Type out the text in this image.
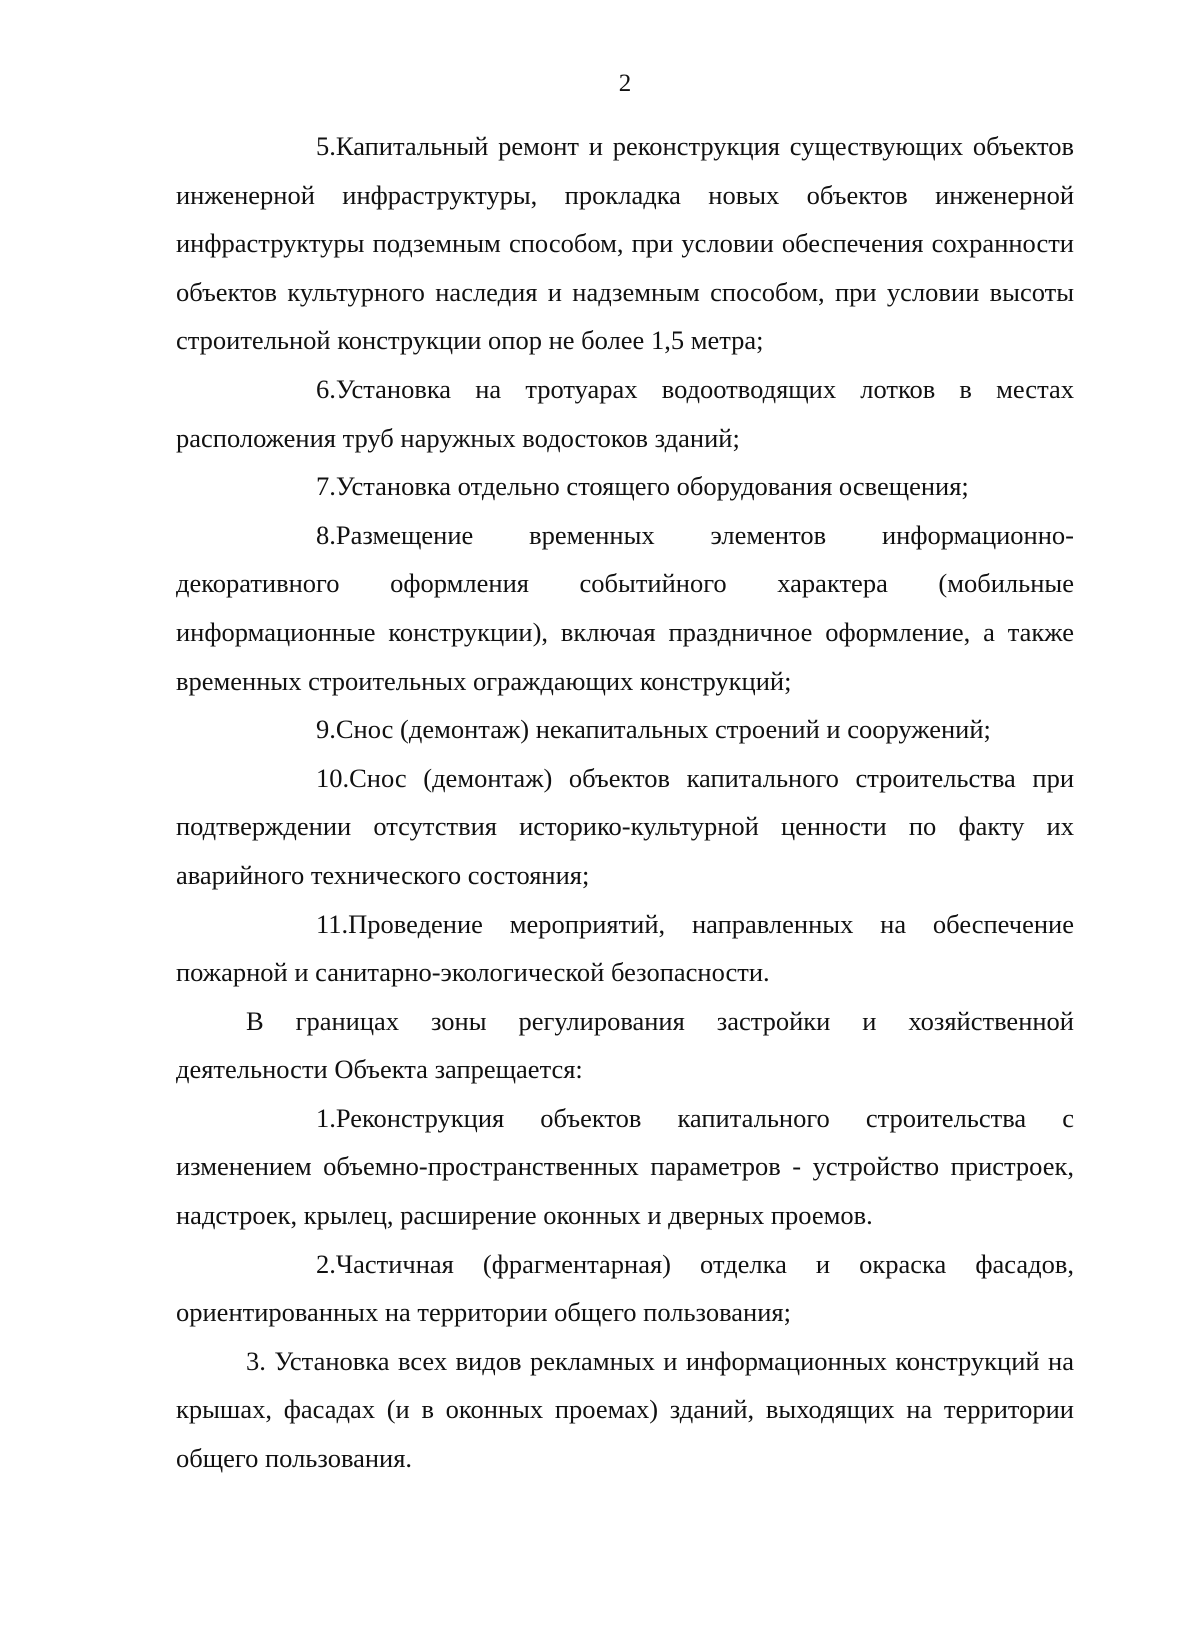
2

5.Капитальный ремонт и реконструкция существующих объектов инженерной инфраструктуры, прокладка новых объектов инженерной инфраструктуры подземным способом, при условии обеспечения сохранности объектов культурного наследия и надземным способом, при условии высоты строительной конструкции опор не более 1,5 метра;

6.Установка на тротуарах водоотводящих лотков в местах расположения труб наружных водостоков зданий;

7.Установка отдельно стоящего оборудования освещения;

8.Размещение временных элементов информационно-декоративного оформления событийного характера (мобильные информационные конструкции), включая праздничное оформление, а также временных строительных ограждающих конструкций;

9.Снос (демонтаж) некапитальных строений и сооружений;

10.Снос (демонтаж) объектов капитального строительства при подтверждении отсутствия историко-культурной ценности по факту их аварийного технического состояния;

11.Проведение мероприятий, направленных на обеспечение пожарной и санитарно-экологической безопасности.

В границах зоны регулирования застройки и хозяйственной деятельности Объекта запрещается:

1.Реконструкция объектов капитального строительства с изменением объемно-пространственных параметров - устройство пристроек, надстроек, крылец, расширение оконных и дверных проемов.

2.Частичная (фрагментарная) отделка и окраска фасадов, ориентированных на территории общего пользования;

3. Установка всех видов рекламных и информационных конструкций на крышах, фасадах (и в оконных проемах) зданий, выходящих на территории общего пользования.
